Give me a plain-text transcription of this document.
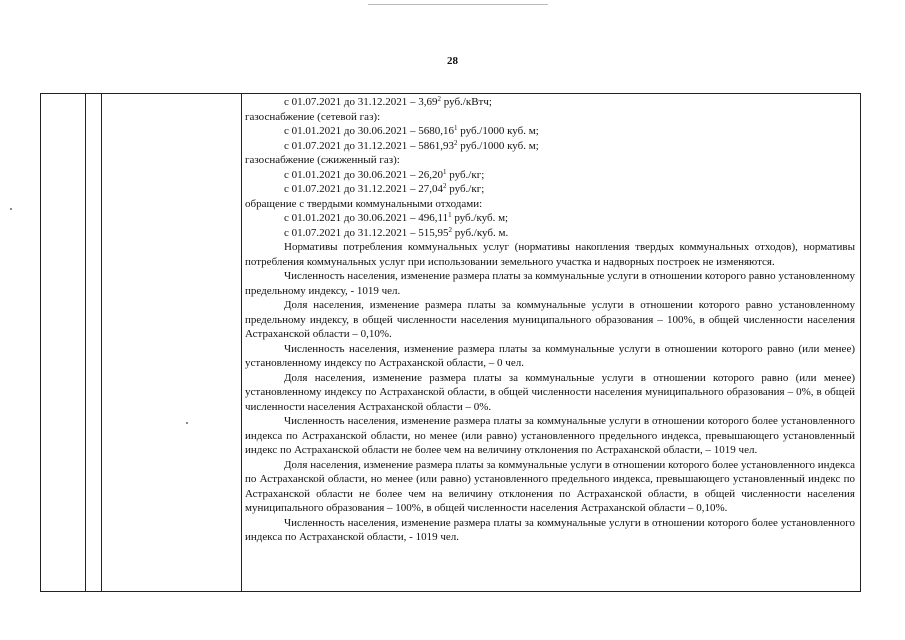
28

с 01.07.2021 до 31.12.2021 – 3,69$^2$ руб./кВтч;

газоснабжение (сетевой газ):

с 01.01.2021 до 30.06.2021 – 5680,16$^1$ руб./1000 куб. м;

с 01.07.2021 до 31.12.2021 – 5861,93$^2$ руб./1000 куб. м;

газоснабжение (сжиженный газ):

с 01.01.2021 до 30.06.2021 – 26,20$^1$ руб./кг;

с 01.07.2021 до 31.12.2021 – 27,04$^2$ руб./кг;

обращение с твердыми коммунальными отходами:

с 01.01.2021 до 30.06.2021 – 496,11$^1$ руб./куб. м;

с 01.07.2021 до 31.12.2021 – 515,95$^2$ руб./куб. м.

Нормативы потребления коммунальных услуг (нормативы накопления твердых коммунальных отходов), нормативы потребления коммунальных услуг при использовании земельного участка и надворных построек не изменяются.

Численность населения, изменение размера платы за коммунальные услуги в отношении которого равно установленному предельному индексу, - 1019 чел.

Доля населения, изменение размера платы за коммунальные услуги в отношении которого равно установленному предельному индексу, в общей численности населения муниципального образования – 100%, в общей численности населения Астраханской области – 0,10%.

Численность населения, изменение размера платы за коммунальные услуги в отношении которого равно (или менее) установленному индексу по Астраханской области, – 0 чел.

Доля населения, изменение размера платы за коммунальные услуги в отношении которого равно (или менее) установленному индексу по Астраханской области, в общей численности населения муниципального образования – 0%, в общей численности населения Астраханской области – 0%.

Численность населения, изменение размера платы за коммунальные услуги в отношении которого более установленного индекса по Астраханской области, но менее (или равно) установленного предельного индекса, превышающего установленный индекс по Астраханской области не более чем на величину отклонения по Астраханской области, – 1019 чел.

Доля населения, изменение размера платы за коммунальные услуги в отношении которого более установленного индекса по Астраханской области, но менее (или равно) установленного предельного индекса, превышающего установленный индекс по Астраханской области не более чем на величину отклонения по Астраханской области, в общей численности населения муниципального образования – 100%, в общей численности населения Астраханской области – 0,10%.

Численность населения, изменение размера платы за коммунальные услуги в отношении которого более установленного индекса по Астраханской области, - 1019 чел.
